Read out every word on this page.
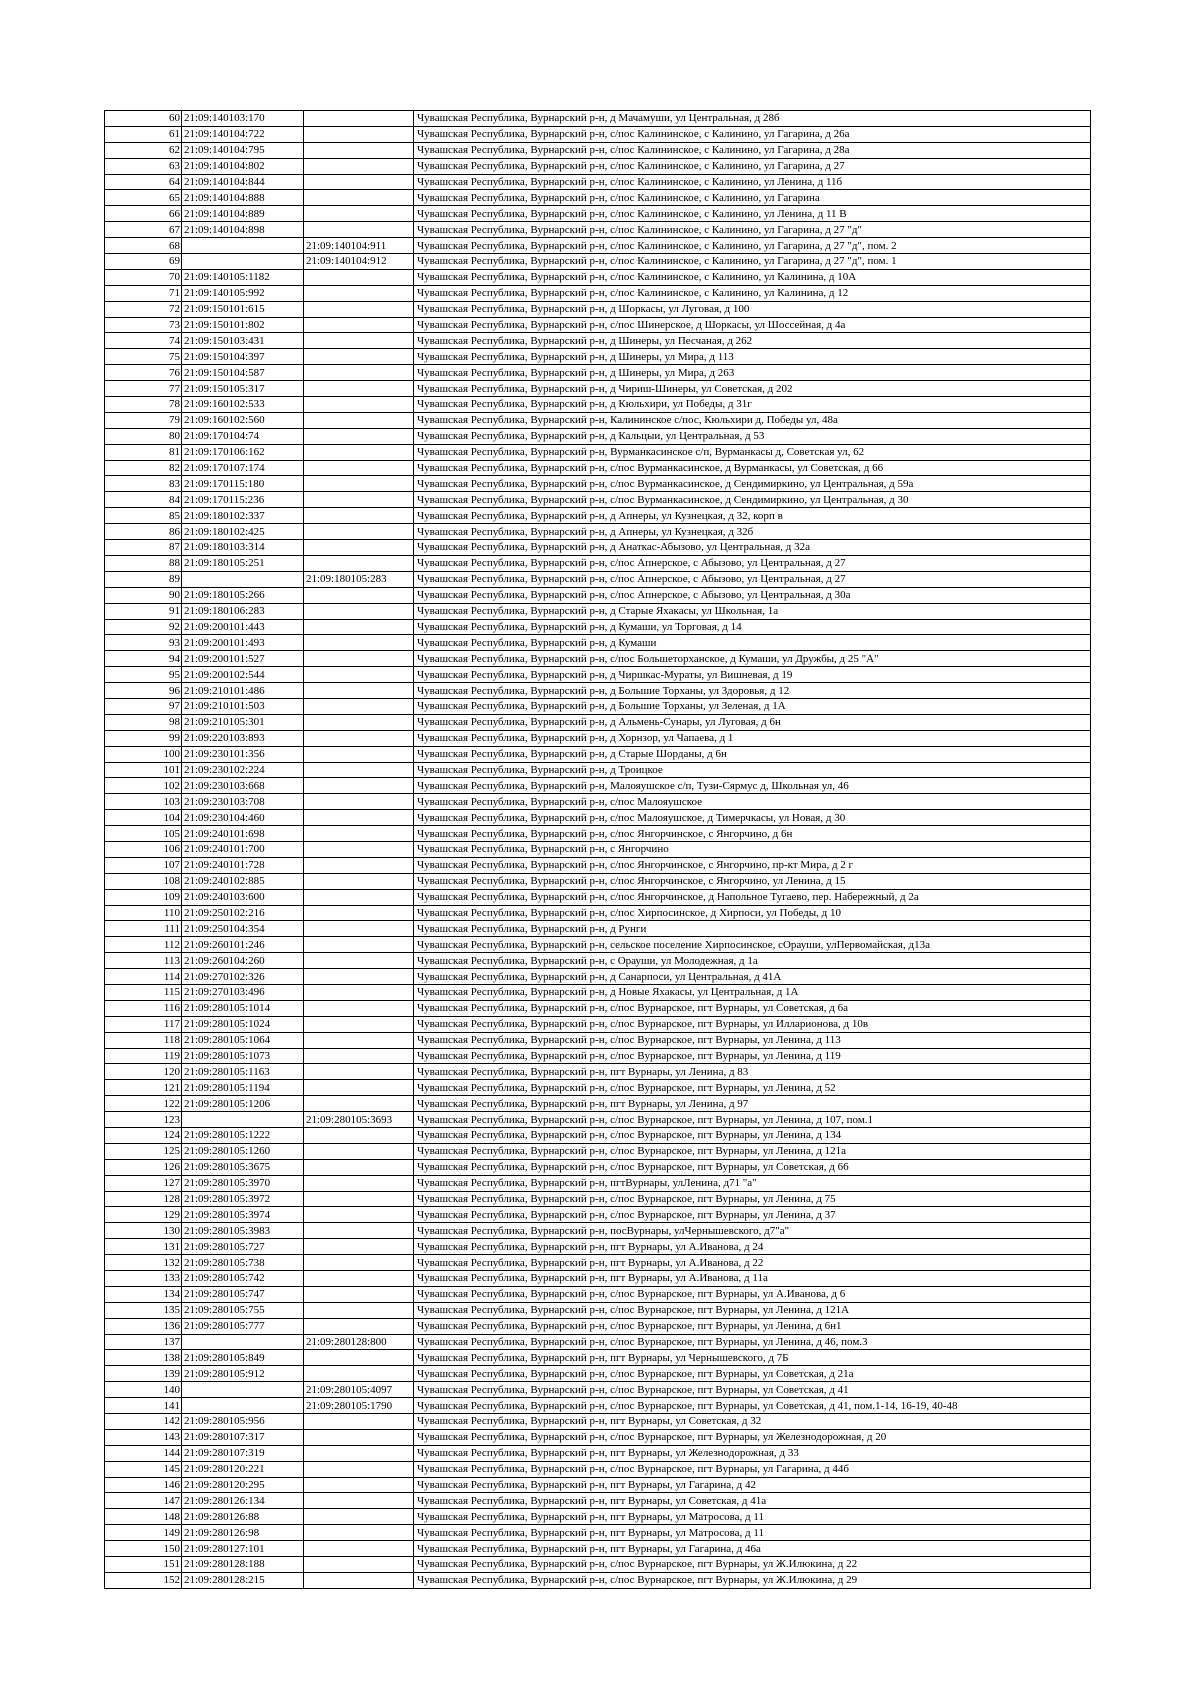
60	21:09:140103:170		Чувашская Республика, Вурнарский р-н, д Мачамуши, ул Центральная, д 28б
61	21:09:140104:722		Чувашская Республика, Вурнарский р-н, с/пос Калининское, с Калинино, ул Гагарина, д 26а
62	21:09:140104:795		Чувашская Республика, Вурнарский р-н, с/пос Калининское, с Калинино, ул Гагарина, д 28а
63	21:09:140104:802		Чувашская Республика, Вурнарский р-н, с/пос Калининское, с Калинино, ул Гагарина, д 27
64	21:09:140104:844		Чувашская Республика, Вурнарский р-н, с/пос Калининское, с Калинино, ул Ленина, д 11б
65	21:09:140104:888		Чувашская Республика, Вурнарский р-н, с/пос Калининское, с Калинино, ул Гагарина
66	21:09:140104:889		Чувашская Республика, Вурнарский р-н, с/пос Калининское, с Калинино, ул Ленина, д 11 В
67	21:09:140104:898		Чувашская Республика, Вурнарский р-н, с/пос Калининское, с Калинино, ул Гагарина, д 27 "д"
68		21:09:140104:911	Чувашская Республика, Вурнарский р-н, с/пос Калининское, с Калинино, ул Гагарина, д 27 "д", пом. 2
69		21:09:140104:912	Чувашская Республика, Вурнарский р-н, с/пос Калининское, с Калинино, ул Гагарина, д 27 "д", пом. 1
70	21:09:140105:1182		Чувашская Республика, Вурнарский р-н, с/пос Калининское, с Калинино, ул Калинина, д 10А
71	21:09:140105:992		Чувашская Республика, Вурнарский р-н, с/пос Калининское, с Калинино, ул Калинина, д 12
72	21:09:150101:615		Чувашская Республика, Вурнарский р-н, д Шоркасы, ул Луговая, д 100
73	21:09:150101:802		Чувашская Республика, Вурнарский р-н, с/пос Шинерское, д Шоркасы, ул Шоссейная, д 4а
74	21:09:150103:431		Чувашская Республика, Вурнарский р-н, д Шинеры, ул Песчаная, д 262
75	21:09:150104:397		Чувашская Республика, Вурнарский р-н, д Шинеры, ул Мира, д 113
76	21:09:150104:587		Чувашская Республика, Вурнарский р-н, д Шинеры, ул Мира, д 263
77	21:09:150105:317		Чувашская Республика, Вурнарский р-н, д Чириш-Шинеры, ул Советская, д 202
78	21:09:160102:533		Чувашская Республика, Вурнарский р-н, д Кюльхири, ул Победы, д 31г
79	21:09:160102:560		Чувашская Республика, Вурнарский р-н, Калининское с/пос, Кюльхири д, Победы ул, 48а
80	21:09:170104:74		Чувашская Республика, Вурнарский р-н, д Кальцыи, ул Центральная, д 53
81	21:09:170106:162		Чувашская Республика, Вурнарский р-н, Вурманкасинское с/п, Вурманкасы д, Советская ул, 62
82	21:09:170107:174		Чувашская Республика, Вурнарский р-н, с/пос Вурманкасинское, д Вурманкасы, ул Советская, д 66
83	21:09:170115:180		Чувашская Республика, Вурнарский р-н, с/пос Вурманкасинское, д Сендимиркино, ул Центральная, д 59а
84	21:09:170115:236		Чувашская Республика, Вурнарский р-н, с/пос Вурманкасинское, д Сендимиркино, ул Центральная, д 30
85	21:09:180102:337		Чувашская Республика, Вурнарский р-н, д Апнеры, ул Кузнецкая, д 32, корп в
86	21:09:180102:425		Чувашская Республика, Вурнарский р-н, д Апнеры, ул Кузнецкая, д 32б
87	21:09:180103:314		Чувашская Республика, Вурнарский р-н, д Анаткас-Абызово, ул Центральная, д 32а
88	21:09:180105:251		Чувашская Республика, Вурнарский р-н, с/пос Апнерское, с Абызово, ул Центральная, д 27
89		21:09:180105:283	Чувашская Республика, Вурнарский р-н, с/пос Апнерское, с Абызово, ул Центральная, д 27
90	21:09:180105:266		Чувашская Республика, Вурнарский р-н, с/пос Апнерское, с Абызово, ул Центральная, д 30а
91	21:09:180106:283		Чувашская Республика, Вурнарский р-н, д Старые Яхакасы, ул Школьная, 1а
92	21:09:200101:443		Чувашская Республика, Вурнарский р-н, д Кумаши, ул Торговая, д 14
93	21:09:200101:493		Чувашская Республика, Вурнарский р-н, д Кумаши
94	21:09:200101:527		Чувашская Республика, Вурнарский р-н, с/пос Большеторханское, д Кумаши, ул Дружбы, д 25 "А"
95	21:09:200102:544		Чувашская Республика, Вурнарский р-н, д Чиршкас-Мураты, ул Вишневая, д 19
96	21:09:210101:486		Чувашская Республика, Вурнарский р-н, д Большие Торханы, ул Здоровья, д 12
97	21:09:210101:503		Чувашская Республика, Вурнарский р-н, д Большие Торханы, ул Зеленая, д 1А
98	21:09:210105:301		Чувашская Республика, Вурнарский р-н, д Альмень-Сунары, ул Луговая, д 6н
99	21:09:220103:893		Чувашская Республика, Вурнарский р-н, д Хорнзор, ул Чапаева, д 1
100	21:09:230101:356		Чувашская Республика, Вурнарский р-н, д Старые Шорданы, д 6н
101	21:09:230102:224		Чувашская Республика, Вурнарский р-н, д Троицкое
102	21:09:230103:668		Чувашская Республика, Вурнарский р-н, Малояушское с/п, Тузи-Сярмус д, Школьная ул, 46
103	21:09:230103:708		Чувашская Республика, Вурнарский р-н, с/пос Малояушское
104	21:09:230104:460		Чувашская Республика, Вурнарский р-н, с/пос Малояушское, д Тимерчкасы, ул Новая, д 30
105	21:09:240101:698		Чувашская Республика, Вурнарский р-н, с/пос Янгорчинское, с Янгорчино, д 6н
106	21:09:240101:700		Чувашская Республика, Вурнарский р-н, с Янгорчино
107	21:09:240101:728		Чувашская Республика, Вурнарский р-н, с/пос Янгорчинское, с Янгорчино, пр-кт Мира, д 2 г
108	21:09:240102:885		Чувашская Республика, Вурнарский р-н, с/пос Янгорчинское, с Янгорчино, ул Ленина, д 15
109	21:09:240103:600		Чувашская Республика, Вурнарский р-н, с/пос Янгорчинское, д Напольное Тугаево, пер. Набережный, д 2а
110	21:09:250102:216		Чувашская Республика, Вурнарский р-н, с/пос Хирпосинское, д Хирпоси, ул Победы, д 10
111	21:09:250104:354		Чувашская Республика, Вурнарский р-н, д Рунги
112	21:09:260101:246		Чувашская Республика, Вурнарский р-н, сельское поселение Хирпосинское, сОрауши, улПервомайская, д13а
113	21:09:260104:260		Чувашская Республика, Вурнарский р-н, с Орауши, ул Молодежная, д 1а
114	21:09:270102:326		Чувашская Республика, Вурнарский р-н, д Санарпоси, ул Центральная, д 41А
115	21:09:270103:496		Чувашская Республика, Вурнарский р-н, д Новые Яхакасы, ул Центральная, д 1А
116	21:09:280105:1014		Чувашская Республика, Вурнарский р-н, с/пос Вурнарское, пгт Вурнары, ул Советская, д 6а
117	21:09:280105:1024		Чувашская Республика, Вурнарский р-н, с/пос Вурнарское, пгт Вурнары, ул Илларионова, д 10в
118	21:09:280105:1064		Чувашская Республика, Вурнарский р-н, с/пос Вурнарское, пгт Вурнары, ул Ленина, д 113
119	21:09:280105:1073		Чувашская Республика, Вурнарский р-н, с/пос Вурнарское, пгт Вурнары, ул Ленина, д 119
120	21:09:280105:1163		Чувашская Республика, Вурнарский р-н, пгт Вурнары, ул Ленина, д 83
121	21:09:280105:1194		Чувашская Республика, Вурнарский р-н, с/пос Вурнарское, пгт Вурнары, ул Ленина, д 52
122	21:09:280105:1206		Чувашская Республика, Вурнарский р-н, пгт Вурнары, ул Ленина, д 97
123		21:09:280105:3693	Чувашская Республика, Вурнарский р-н, с/пос Вурнарское, пгт Вурнары, ул Ленина, д 107, пом.1
124	21:09:280105:1222		Чувашская Республика, Вурнарский р-н, с/пос Вурнарское, пгт Вурнары, ул Ленина, д 134
125	21:09:280105:1260		Чувашская Республика, Вурнарский р-н, с/пос Вурнарское, пгт Вурнары, ул Ленина, д 121а
126	21:09:280105:3675		Чувашская Республика, Вурнарский р-н, с/пос Вурнарское, пгт Вурнары, ул Советская, д 66
127	21:09:280105:3970		Чувашская Республика, Вурнарский р-н, пгтВурнары, улЛенина, д71 "а"
128	21:09:280105:3972		Чувашская Республика, Вурнарский р-н, с/пос Вурнарское, пгт Вурнары, ул Ленина, д 75
129	21:09:280105:3974		Чувашская Республика, Вурнарский р-н, с/пос Вурнарское, пгт Вурнары, ул Ленина, д 37
130	21:09:280105:3983		Чувашская Республика, Вурнарский р-н, посВурнары, улЧернышевского, д7"а"
131	21:09:280105:727		Чувашская Республика, Вурнарский р-н, пгт Вурнары, ул А.Иванова, д 24
132	21:09:280105:738		Чувашская Республика, Вурнарский р-н, пгт Вурнары, ул А.Иванова, д 22
133	21:09:280105:742		Чувашская Республика, Вурнарский р-н, пгт Вурнары, ул А.Иванова, д 11а
134	21:09:280105:747		Чувашская Республика, Вурнарский р-н, с/пос Вурнарское, пгт Вурнары, ул А.Иванова, д 6
135	21:09:280105:755		Чувашская Республика, Вурнарский р-н, с/пос Вурнарское, пгт Вурнары, ул Ленина, д 121А
136	21:09:280105:777		Чувашская Республика, Вурнарский р-н, с/пос Вурнарское, пгт Вурнары, ул Ленина, д 6н1
137		21:09:280128:800	Чувашская Республика, Вурнарский р-н, с/пос Вурнарское, пгт Вурнары, ул Ленина, д 46, пом.3
138	21:09:280105:849		Чувашская Республика, Вурнарский р-н, пгт Вурнары, ул Чернышевского, д 7Б
139	21:09:280105:912		Чувашская Республика, Вурнарский р-н, с/пос Вурнарское, пгт Вурнары, ул Советская, д 21а
140		21:09:280105:4097	Чувашская Республика, Вурнарский р-н, с/пос Вурнарское, пгт Вурнары, ул Советская, д 41
141		21:09:280105:1790	Чувашская Республика, Вурнарский р-н, с/пос Вурнарское, пгт Вурнары, ул Советская, д 41, пом.1-14, 16-19, 40-48
142	21:09:280105:956		Чувашская Республика, Вурнарский р-н, пгт Вурнары, ул Советская, д 32
143	21:09:280107:317		Чувашская Республика, Вурнарский р-н, с/пос Вурнарское, пгт Вурнары, ул Железнодорожная, д 20
144	21:09:280107:319		Чувашская Республика, Вурнарский р-н, пгт Вурнары, ул Железнодорожная, д 33
145	21:09:280120:221		Чувашская Республика, Вурнарский р-н, с/пос Вурнарское, пгт Вурнары, ул Гагарина, д 44б
146	21:09:280120:295		Чувашская Республика, Вурнарский р-н, пгт Вурнары, ул Гагарина, д 42
147	21:09:280126:134		Чувашская Республика, Вурнарский р-н, пгт Вурнары, ул Советская, д 41а
148	21:09:280126:88		Чувашская Республика, Вурнарский р-н, пгт Вурнары, ул Матросова, д 11
149	21:09:280126:98		Чувашская Республика, Вурнарский р-н, пгт Вурнары, ул Матросова, д 11
150	21:09:280127:101		Чувашская Республика, Вурнарский р-н, пгт Вурнары, ул Гагарина, д 46а
151	21:09:280128:188		Чувашская Республика, Вурнарский р-н, с/пос Вурнарское, пгт Вурнары, ул Ж.Илюкина, д 22
152	21:09:280128:215		Чувашская Республика, Вурнарский р-н, с/пос Вурнарское, пгт Вурнары, ул Ж.Илюкина, д 29
